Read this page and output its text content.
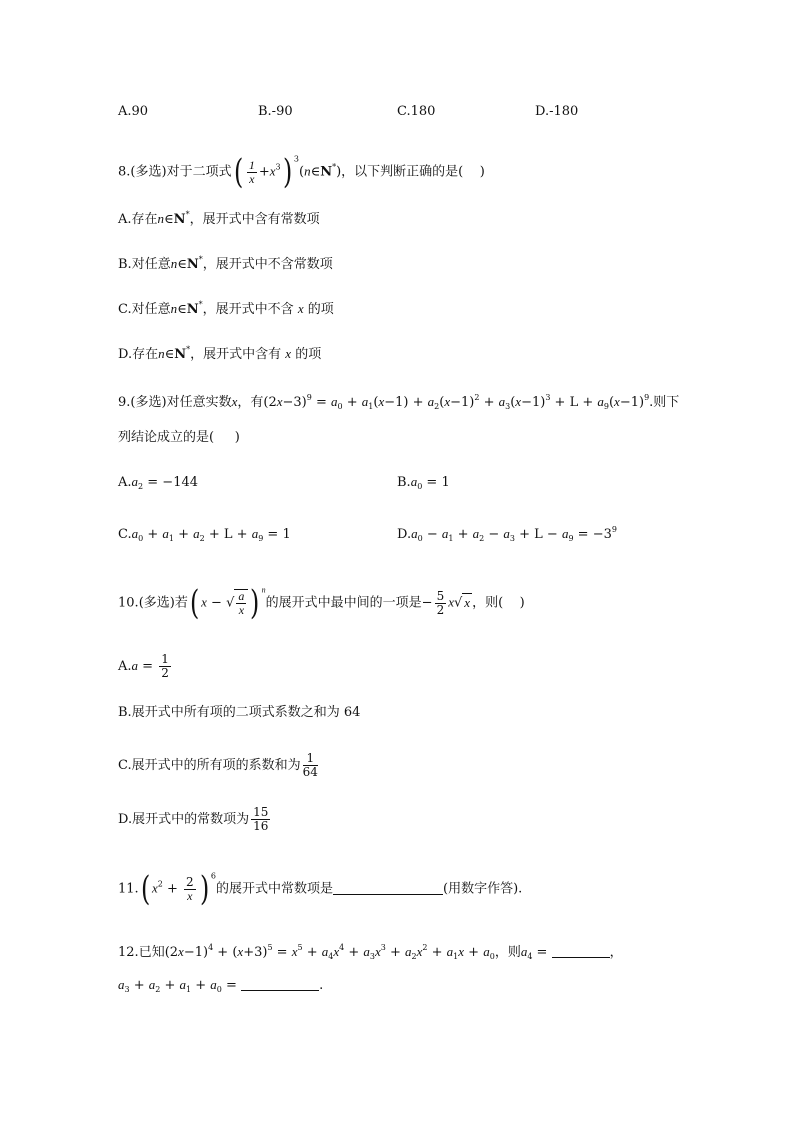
A.90	B.-90	C.180	D.-180
8.(多选)对于二项式( $\frac{1}{x} +x^3$) $^3$(n∈N*)，以下判断正确的是( )
A.存在n∈N*，展开式中含有常数项
B.对任意n∈N*，展开式中不含常数项
C.对任意n∈N*，展开式中不含 x 的项
D.存在n∈N*，展开式中含有 x 的项
9.(多选)对任意实数x，有$(2x-3)^9 = a_0 + a_1(x-1) + a_2(x-1)^2 + a_3(x-1)^3 + L + a_9(x-1)^9$.则下
列结论成立的是( )
$A.a_2 = -144$	$B.a_0 = 1$
$C.a_0 + a_1 + a_2 + L + a_9 = 1$	$D.a_0 - a_1 + a_2 - a_3 + L - a_9 = -3^9$
10.(多选)若( x − √ $\frac{a}{x}$ ) $^n$的展开式中最中间的一项是− $\frac{5}{2} x√$ x ，则( )
$A.a = \frac{1}{2}$
B.展开式中所有项的二项式系数之和为 64
C.展开式中的所有项的系数和为 $\frac{1}{64}$
D.展开式中的常数项为 $\frac{15}{16}$
11.( $x^2 + \frac{2}{x}$ ) $^6$的展开式中常数项是	(用数字作答).
12.已知$(2x-1)^4 + (x+3)^5 = x^5 + a_4x^4 + a_3x^3 + a_2x^2 + a_1x + a_0$，则$a_4$ =	，
$a_3 + a_2 + a_1 + a_0$ =	.
